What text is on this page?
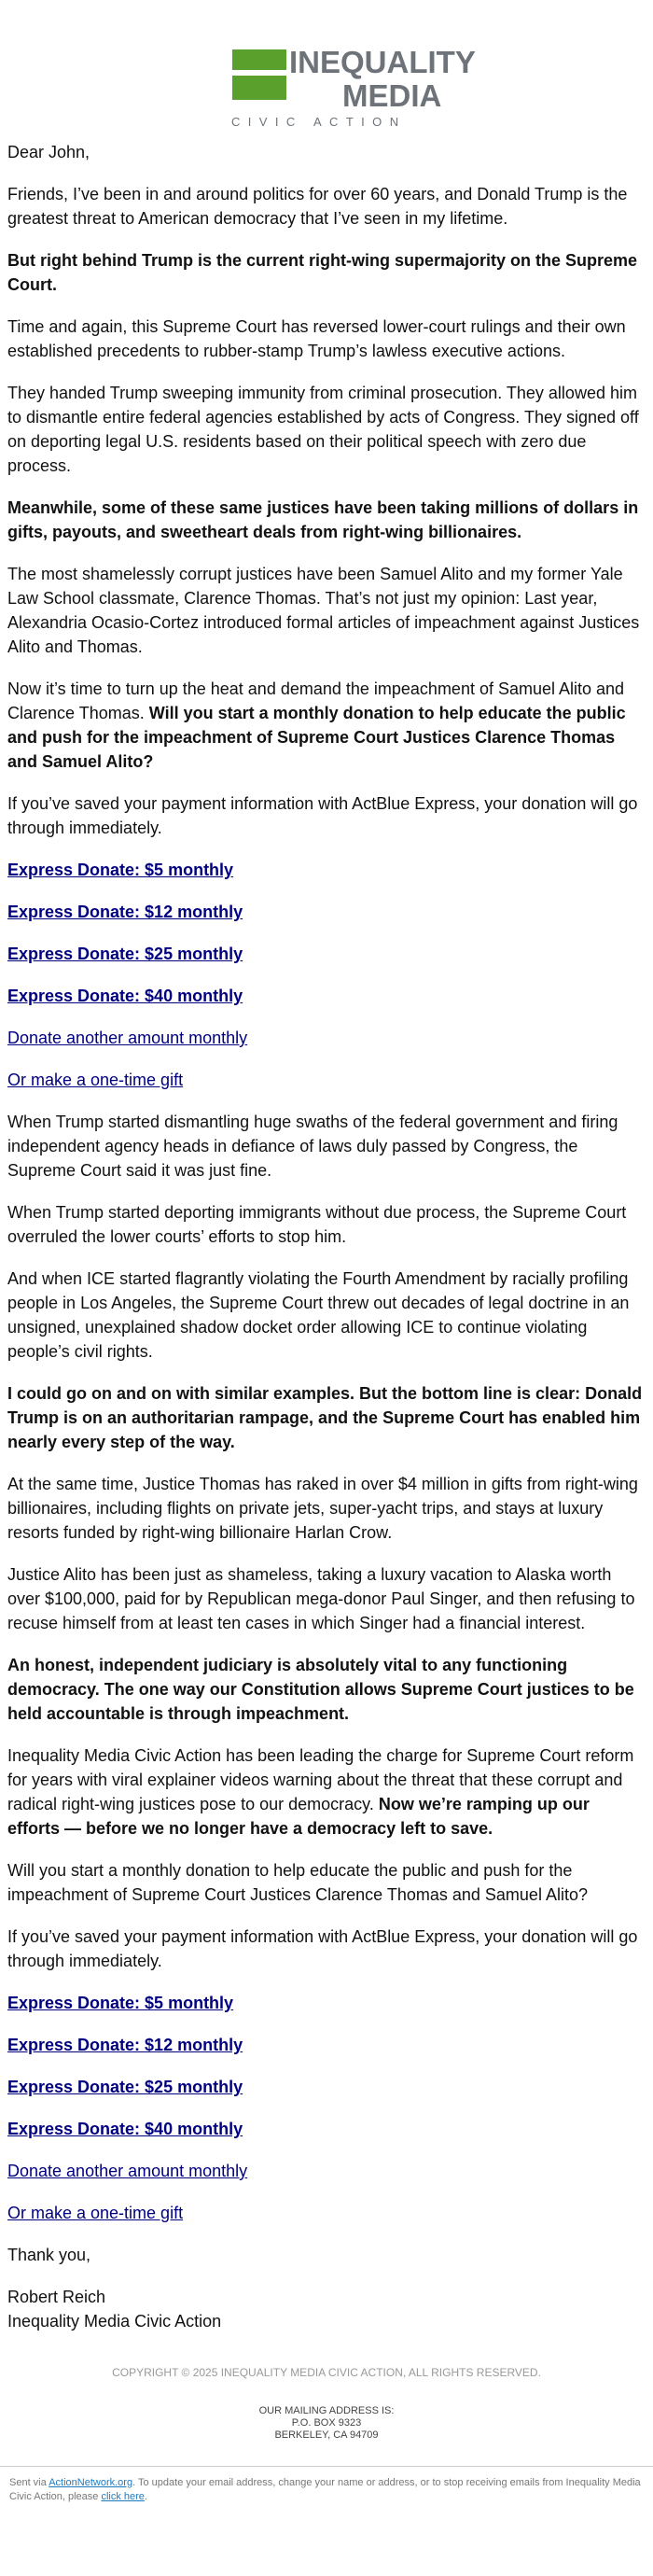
INEQUALITY
MEDIA
CIVIC ACTION

Dear John,

Friends, I’ve been in and around politics for over 60 years, and Donald Trump is the greatest threat to American democracy that I’ve seen in my lifetime.

But right behind Trump is the current right-wing supermajority on the Supreme Court.

Time and again, this Supreme Court has reversed lower-court rulings and their own established precedents to rubber-stamp Trump’s lawless executive actions.

They handed Trump sweeping immunity from criminal prosecution. They allowed him to dismantle entire federal agencies established by acts of Congress. They signed off on deporting legal U.S. residents based on their political speech with zero due process.

Meanwhile, some of these same justices have been taking millions of dollars in gifts, payouts, and sweetheart deals from right-wing billionaires.

The most shamelessly corrupt justices have been Samuel Alito and my former Yale Law School classmate, Clarence Thomas. That’s not just my opinion: Last year, Alexandria Ocasio-Cortez introduced formal articles of impeachment against Justices Alito and Thomas.

Now it’s time to turn up the heat and demand the impeachment of Samuel Alito and Clarence Thomas. Will you start a monthly donation to help educate the public and push for the impeachment of Supreme Court Justices Clarence Thomas and Samuel Alito?

If you’ve saved your payment information with ActBlue Express, your donation will go through immediately.

Express Donate: $5 monthly

Express Donate: $12 monthly

Express Donate: $25 monthly

Express Donate: $40 monthly

Donate another amount monthly

Or make a one-time gift

When Trump started dismantling huge swaths of the federal government and firing independent agency heads in defiance of laws duly passed by Congress, the Supreme Court said it was just fine.

When Trump started deporting immigrants without due process, the Supreme Court overruled the lower courts’ efforts to stop him.

And when ICE started flagrantly violating the Fourth Amendment by racially profiling people in Los Angeles, the Supreme Court threw out decades of legal doctrine in an unsigned, unexplained shadow docket order allowing ICE to continue violating people’s civil rights.

I could go on and on with similar examples. But the bottom line is clear: Donald Trump is on an authoritarian rampage, and the Supreme Court has enabled him nearly every step of the way.

At the same time, Justice Thomas has raked in over $4 million in gifts from right-wing billionaires, including flights on private jets, super-yacht trips, and stays at luxury resorts funded by right-wing billionaire Harlan Crow.

Justice Alito has been just as shameless, taking a luxury vacation to Alaska worth over $100,000, paid for by Republican mega-donor Paul Singer, and then refusing to recuse himself from at least ten cases in which Singer had a financial interest.

An honest, independent judiciary is absolutely vital to any functioning democracy. The one way our Constitution allows Supreme Court justices to be held accountable is through impeachment.

Inequality Media Civic Action has been leading the charge for Supreme Court reform for years with viral explainer videos warning about the threat that these corrupt and radical right-wing justices pose to our democracy. Now we’re ramping up our efforts — before we no longer have a democracy left to save.

Will you start a monthly donation to help educate the public and push for the impeachment of Supreme Court Justices Clarence Thomas and Samuel Alito?

If you’ve saved your payment information with ActBlue Express, your donation will go through immediately.

Express Donate: $5 monthly

Express Donate: $12 monthly

Express Donate: $25 monthly

Express Donate: $40 monthly

Donate another amount monthly

Or make a one-time gift

Thank you,

Robert Reich

Inequality Media Civic Action

COPYRIGHT © 2025 INEQUALITY MEDIA CIVIC ACTION, ALL RIGHTS RESERVED.
OUR MAILING ADDRESS IS:
P.O. BOX 9323
BERKELEY, CA 94709
Sent via ActionNetwork.org. To update your email address, change your name or address, or to stop receiving emails from Inequality Media Civic Action, please click here.
